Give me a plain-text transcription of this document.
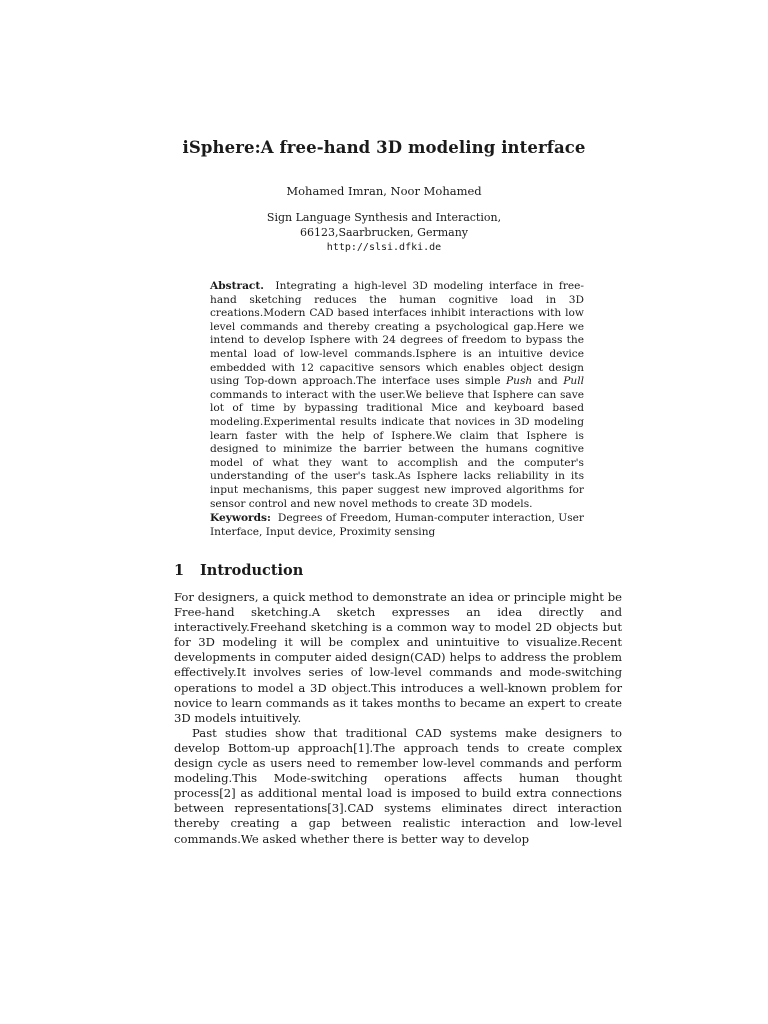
iSphere:A free-hand 3D modeling interface
Mohamed Imran, Noor Mohamed
Sign Language Synthesis and Interaction,
66123,Saarbrucken, Germany
http://slsi.dfki.de
Abstract. Integrating a high-level 3D modeling interface in free-hand sketching reduces the human cognitive load in 3D creations.Modern CAD based interfaces inhibit interactions with low level commands and thereby creating a psychological gap.Here we intend to develop Isphere with 24 degrees of freedom to bypass the mental load of low-level commands.Isphere is an intuitive device embedded with 12 capacitive sensors which enables object design using Top-down approach.The interface uses simple Push and Pull commands to interact with the user.We believe that Isphere can save lot of time by bypassing traditional Mice and keyboard based modeling.Experimental results indicate that novices in 3D modeling learn faster with the help of Isphere.We claim that Isphere is designed to minimize the barrier between the humans cognitive model of what they want to accomplish and the computer's understanding of the user's task.As Isphere lacks reliability in its input mechanisms, this paper suggest new improved algorithms for sensor control and new novel methods to create 3D models.
Keywords: Degrees of Freedom, Human-computer interaction, User Interface, Input device, Proximity sensing
1 Introduction

For designers, a quick method to demonstrate an idea or principle might be Free-hand sketching.A sketch expresses an idea directly and interactively.Freehand sketching is a common way to model 2D objects but for 3D modeling it will be complex and unintuitive to visualize.Recent developments in computer aided design(CAD) helps to address the problem effectively.It involves series of low-level commands and mode-switching operations to model a 3D object.This introduces a well-known problem for novice to learn commands as it takes months to became an expert to create 3D models intuitively.

Past studies show that traditional CAD systems make designers to develop Bottom-up approach[1].The approach tends to create complex design cycle as users need to remember low-level commands and perform modeling.This Mode-switching operations affects human thought process[2] as additional mental load is imposed to build extra connections between representations[3].CAD systems eliminates direct interaction thereby creating a gap between realistic interaction and low-level commands.We asked whether there is better way to develop
